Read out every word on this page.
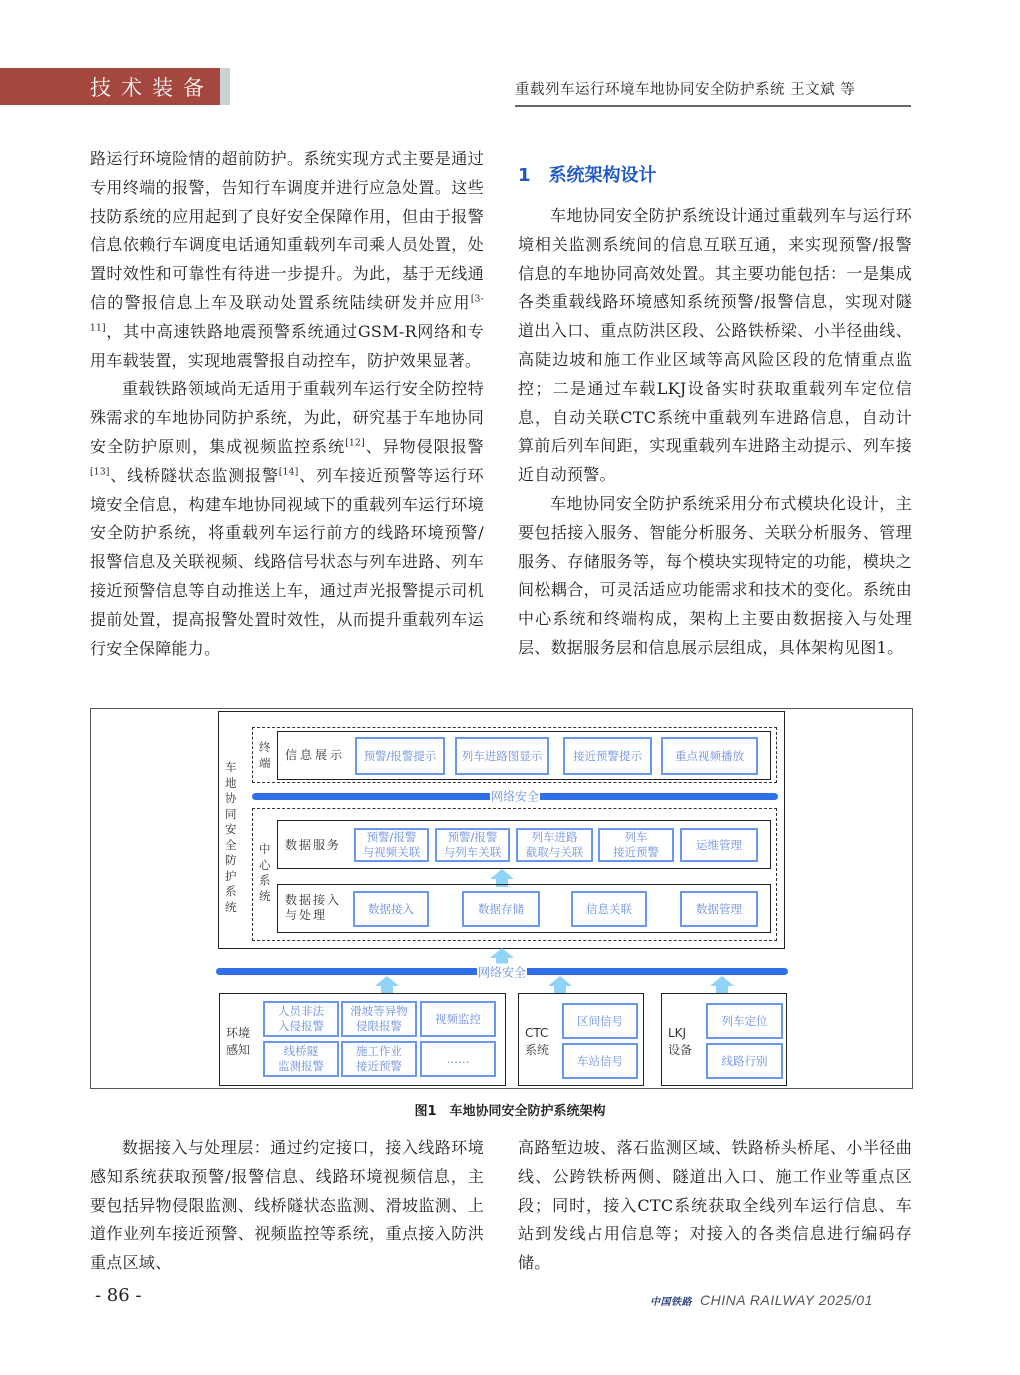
技术装备	重载列车运行环境车地协同安全防护系统 王文斌 等

路运行环境险情的超前防护。系统实现方式主要是通过专用终端的报警，告知行车调度并进行应急处置。这些技防系统的应用起到了良好安全保障作用，但由于报警信息依赖行车调度电话通知重载列车司乘人员处置，处置时效性和可靠性有待进一步提升。为此，基于无线通信的警报信息上车及联动处置系统陆续研发并应用[3-11]，其中高速铁路地震预警系统通过GSM-R网络和专用车载装置，实现地震警报自动控车，防护效果显著。

重载铁路领域尚无适用于重载列车运行安全防控特殊需求的车地协同防护系统，为此，研究基于车地协同安全防护原则，集成视频监控系统[12]、异物侵限报警[13]、线桥隧状态监测报警[14]、列车接近预警等运行环境安全信息，构建车地协同视域下的重载列车运行环境安全防护系统，将重载列车运行前方的线路环境预警/报警信息及关联视频、线路信号状态与列车进路、列车接近预警信息等自动推送上车，通过声光报警提示司机提前处置，提高报警处置时效性，从而提升重载列车运行安全保障能力。

1　系统架构设计

车地协同安全防护系统设计通过重载列车与运行环境相关监测系统间的信息互联互通，来实现预警/报警信息的车地协同高效处置。其主要功能包括：一是集成各类重载线路环境感知系统预警/报警信息，实现对隧道出入口、重点防洪区段、公路铁桥梁、小半径曲线、高陡边坡和施工作业区域等高风险区段的危情重点监控；二是通过车载LKJ设备实时获取重载列车定位信息，自动关联CTC系统中重载列车进路信息，自动计算前后列车间距，实现重载列车进路主动提示、列车接近自动预警。

车地协同安全防护系统采用分布式模块化设计，主要包括接入服务、智能分析服务、关联分析服务、管理服务、存储服务等，每个模块实现特定的功能，模块之间松耦合，可灵活适应功能需求和技术的变化。系统由中心系统和终端构成，架构上主要由数据接入与处理层、数据服务层和信息展示层组成，具体架构见图1。

车地协同安全防护系统
终端
信息展示	预警/报警提示	列车进路图显示	接近预警提示	重点视频播放
网络安全
中心系统
数据服务
预警/报警
与视频关联
预警/报警
与列车关联
列车进路
截取与关联
列车
接近预警
运维管理
数据接入
与处理	数据接入	数据存储	信息关联	数据管理
网络安全
环境
感知
人员非法
入侵报警
滑坡等异物
侵限报警
视频监控
线桥隧
监测报警
施工作业
接近预警
……
CTC
系统
区间信号
车站信号
LKJ
设备
列车定位
线路行别
图1　车地协同安全防护系统架构

数据接入与处理层：通过约定接口，接入线路环境感知系统获取预警/报警信息、线路环境视频信息，主要包括异物侵限监测、线桥隧状态监测、滑坡监测、上道作业列车接近预警、视频监控等系统，重点接入防洪重点区域、

高路堑边坡、落石监测区域、铁路桥头桥尾、小半径曲线、公跨铁桥两侧、隧道出入口、施工作业等重点区段；同时，接入CTC系统获取全线列车运行信息、车站到发线占用信息等；对接入的各类信息进行编码存储。

- 86 -	中国铁路 CHINA RAILWAY 2025/01
